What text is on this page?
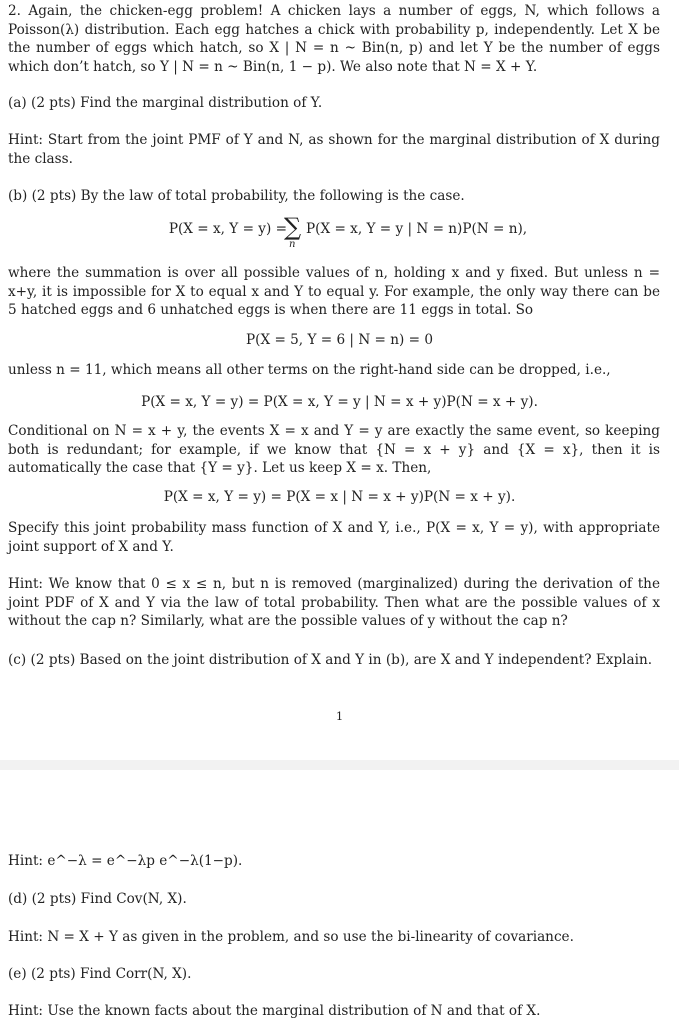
2. Again, the chicken-egg problem! A chicken lays a number of eggs, N, which follows a Poisson(λ) distribution. Each egg hatches a chick with probability p, independently. Let X be the number of eggs which hatch, so X | N = n ~ Bin(n, p) and let Y be the number of eggs which don’t hatch, so Y | N = n ~ Bin(n, 1 − p). We also note that N = X + Y.

(a) (2 pts) Find the marginal distribution of Y.

Hint: Start from the joint PMF of Y and N, as shown for the marginal distribution of X during the class.

(b) (2 pts) By the law of total probability, the following is the case.

P(X = x, Y = y) =
∑ P(X = x, Y = y | N = n)P(N = n),
n

where the summation is over all possible values of n, holding x and y fixed. But unless n = x+y, it is impossible for X to equal x and Y to equal y. For example, the only way there can be 5 hatched eggs and 6 unhatched eggs is when there are 11 eggs in total. So

P(X = 5, Y = 6 | N = n) = 0

unless n = 11, which means all other terms on the right-hand side can be dropped, i.e.,

P(X = x, Y = y) = P(X = x, Y = y | N = x + y)P(N = x + y).

Conditional on N = x + y, the events X = x and Y = y are exactly the same event, so keeping both is redundant; for example, if we know that {N = x + y} and {X = x}, then it is automatically the case that {Y = y}. Let us keep X = x. Then,

P(X = x, Y = y) = P(X = x | N = x + y)P(N = x + y).

Specify this joint probability mass function of X and Y, i.e., P(X = x, Y = y), with appropriate joint support of X and Y.

Hint: We know that 0 ≤ x ≤ n, but n is removed (marginalized) during the derivation of the joint PDF of X and Y via the law of total probability. Then what are the possible values of x without the cap n? Similarly, what are the possible values of y without the cap n?

(c) (2 pts) Based on the joint distribution of X and Y in (b), are X and Y independent? Explain.

1

Hint: e^−λ = e^−λp e^−λ(1−p).

(d) (2 pts) Find Cov(N, X).

Hint: N = X + Y as given in the problem, and so use the bi-linearity of covariance.

(e) (2 pts) Find Corr(N, X).

Hint: Use the known facts about the marginal distribution of N and that of X.
